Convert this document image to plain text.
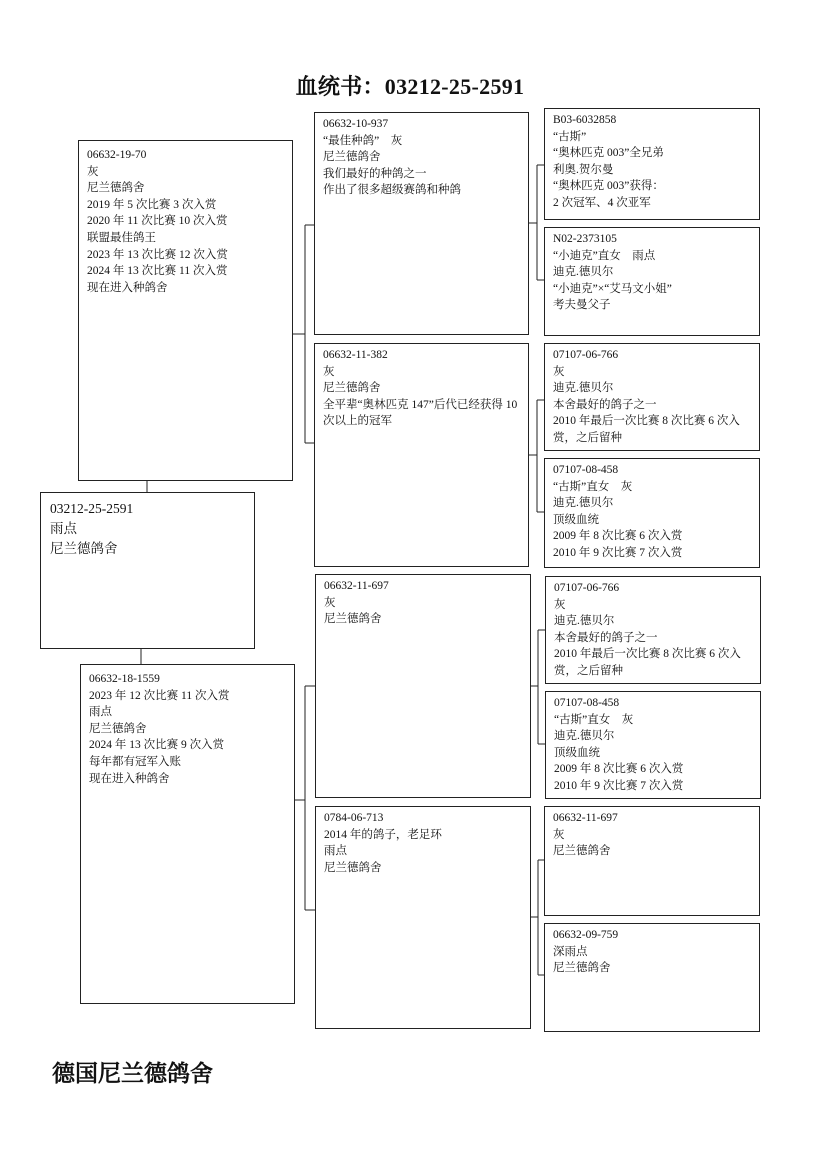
血统书：03212-25-2591
03212-25-2591
雨点
尼兰德鸽舍
06632-19-70
灰
尼兰德鸽舍
2019 年 5 次比赛 3 次入赏
2020 年 11 次比赛 10 次入赏
联盟最佳鸽王
2023 年 13 次比赛 12 次入赏
2024 年 13 次比赛 11 次入赏
现在进入种鸽舍
06632-18-1559
2023 年 12 次比赛 11 次入赏
雨点
尼兰德鸽舍
2024 年 13 次比赛 9 次入赏
每年都有冠军入账
现在进入种鸽舍
06632-10-937
“最佳种鸽”    灰
尼兰德鸽舍
我们最好的种鸽之一
作出了很多超级赛鸽和种鸽
06632-11-382
灰
尼兰德鸽舍
全平辈“奥林匹克 147”后代已经获得 10 次以上的冠军
06632-11-697
灰
尼兰德鸽舍
0784-06-713
2014 年的鸽子，老足环
雨点
尼兰德鸽舍
B03-6032858
“古斯”
“奥林匹克 003”全兄弟
利奥.贺尔曼
“奥林匹克 003”获得：
2 次冠军、4 次亚军
N02-2373105
“小迪克”直女    雨点
迪克.德贝尔
“小迪克”×“艾马文小姐”
考夫曼父子
07107-06-766
灰
迪克.德贝尔
本舍最好的鸽子之一
2010 年最后一次比赛 8 次比赛 6 次入赏，之后留种
07107-08-458
“古斯”直女    灰
迪克.德贝尔
顶级血统
2009 年 8 次比赛 6 次入赏
2010 年 9 次比赛 7 次入赏
07107-06-766
灰
迪克.德贝尔
本舍最好的鸽子之一
2010 年最后一次比赛 8 次比赛 6 次入赏，之后留种
07107-08-458
“古斯”直女    灰
迪克.德贝尔
顶级血统
2009 年 8 次比赛 6 次入赏
2010 年 9 次比赛 7 次入赏
06632-11-697
灰
尼兰德鸽舍
06632-09-759
深雨点
尼兰德鸽舍
德国尼兰德鸽舍
